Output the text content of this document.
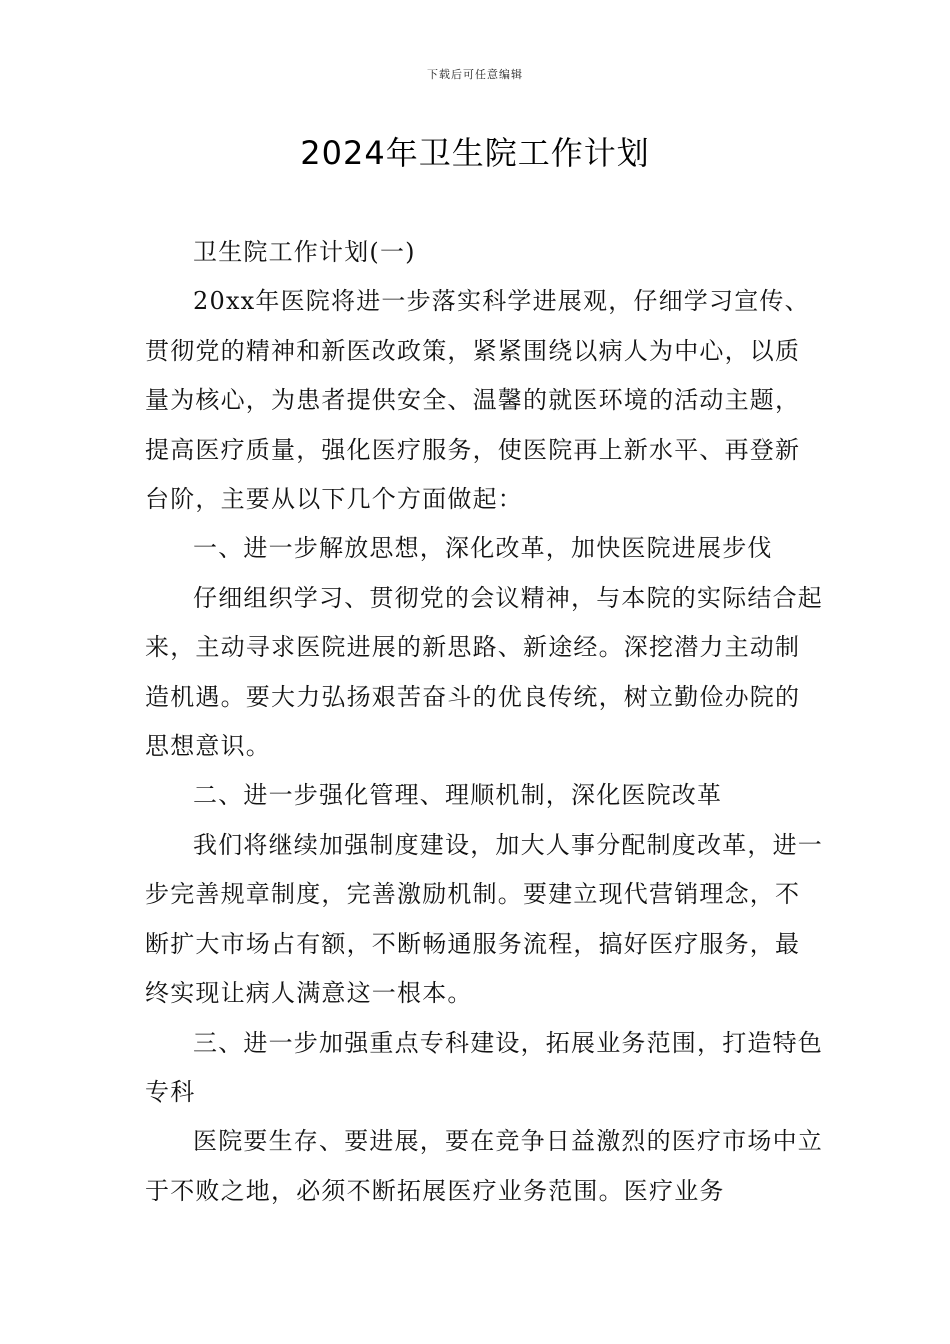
下载后可任意编辑
2024年卫生院工作计划

卫生院工作计划(一)

20xx年医院将进一步落实科学进展观，仔细学习宣传、贯彻党的精神和新医改政策，紧紧围绕以病人为中心，以质量为核心，为患者提供安全、温馨的就医环境的活动主题，提高医疗质量，强化医疗服务，使医院再上新水平、再登新台阶，主要从以下几个方面做起：

一、进一步解放思想，深化改革，加快医院进展步伐

仔细组织学习、贯彻党的会议精神，与本院的实际结合起来，主动寻求医院进展的新思路、新途经。深挖潜力主动制造机遇。要大力弘扬艰苦奋斗的优良传统，树立勤俭办院的思想意识。

二、进一步强化管理、理顺机制，深化医院改革

我们将继续加强制度建设，加大人事分配制度改革，进一步完善规章制度，完善激励机制。要建立现代营销理念，不断扩大市场占有额，不断畅通服务流程，搞好医疗服务，最终实现让病人满意这一根本。

三、进一步加强重点专科建设，拓展业务范围，打造特色专科

医院要生存、要进展，要在竞争日益激烈的医疗市场中立于不败之地，必须不断拓展医疗业务范围。医疗业务
